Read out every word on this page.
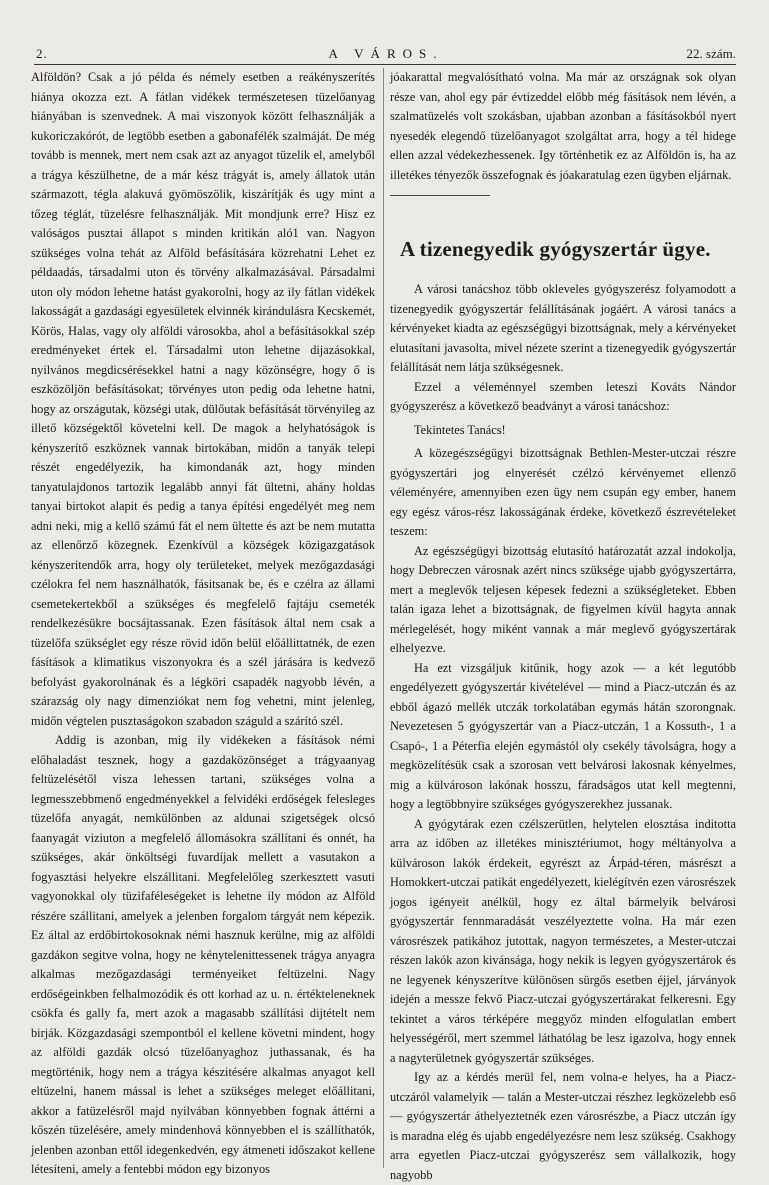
2.	A VÁROS.	22. szám.

Alföldön? Csak a jó példa és némely esetben a reákényszerítés hiánya okozza ezt. A fátlan vidékek természetesen tüzelőanyag hiányában is szenvednek. A mai viszonyok között felhasználják a kukoriczakórót, de legtöbb esetben a gabonafélék szalmáját. De még tovább is mennek, mert nem csak azt az anyagot tüzelik el, amelyből a trágya készülhetne, de a már kész trágyát is, amely állatok után származott, tégla alakuvá gyömöszölik, kiszárítják és ugy mint a tőzeg téglát, tüzelésre felhasználják. Mit mondjunk erre? Hisz ez valóságos pusztai állapot s minden kritikán aló1 van. Nagyon szükséges volna tehát az Alföld befásítására közrehatni Lehet ez példaadás, társadalmi uton és törvény alkalmazásával. Pársadalmi uton oly módon lehetne hatást gyakorolni, hogy az ily fátlan vidékek lakosságát a gazdasági egyesületek elvinnék kirándulásra Kecskemét, Körös, Halas, vagy oly alföldi városokba, ahol a befásításokkal szép eredményeket értek el. Társadalmi uton lehetne dijazásokkal, nyilvános megdicsérésekkel hatni a nagy közönségre, hogy ő is eszközöljön befásításokat; törvényes uton pedig oda lehetne hatni, hogy az országutak, községi utak, dülőutak befásítását törvényileg az illető községektől követelni kell. De magok a helyhatóságok is kényszerítő eszköznek vannak birtokában, midőn a tanyák telepi részét engedélyezik, ha kimondanák azt, hogy minden tanyatulajdonos tartozik legalább annyi fát ültetni, ahány holdas tanyai birtokot alapit és pedig a tanya építési engedélyét meg nem adni neki, mig a kellő számú fát el nem ültette és azt be nem mutatta az ellenőrző közegnek. Ezenkívül a községek közigazgatások kényszeritendők arra, hogy oly területeket, melyek mezőgazdasági czélokra fel nem használhatók, fásitsanak be, és e czélra az állami csemetekertekből a szükséges és megfelelő fajtáju csemeték rendelkezésükre bocsájtassanak. Ezen fásítások által nem csak a tüzelőfa szükséglet egy része rövid időn belül előállittatnék, de ezen fásítások a klimatikus viszonyokra és a szél járására is kedvező befolyást gyakorolnának és a légköri csapadék nagyobb lévén, a szárazság oly nagy dimenziókat nem fog vehetni, mint jelenleg, midőn végtelen pusztaságokon szabadon száguld a szárító szél.

Addig is azonban, mig ily vidékeken a fásítások némi előhaladást tesznek, hogy a gazdaközönséget a trágyaanyag feltüzelésétől visza lehessen tartani, szükséges volna a legmesszebbmenő engedményekkel a felvidéki erdőségek felesleges tüzelőfa anyagát, nemkülönben az aldunai szigetségek olcsó faanyagát viziuton a megfelelő állomásokra szállítani és onnét, ha szükséges, akár önköltségi fuvardíjak mellett a vasutakon a fogyasztási helyekre elszállitani. Megfelelőleg szerkesztett vasuti vagyonokkal oly tüzifaféleségeket is lehetne ily módon az Alföld részére szállitani, amelyek a jelenben forgalom tárgyát nem képezik. Ez által az erdőbirtokosoknak némi hasznuk kerülne, mig az alföldi gazdákon segitve volna, hogy ne kénytelenittessenek trágya anyagra alkalmas mezőgazdasági terményeiket feltüzelni. Nagy erdőségeinkben felhalmozódik és ott korhad az u. n. értékteleneknek csökfa és gally fa, mert azok a magasabb szállítási dijtételt nem birják. Közgazdasági szempontból el kellene követni mindent, hogy az alföldi gazdák olcsó tüzelőanyaghoz juthassanak, és ha megtörténik, hogy nem a trágya készitésére alkalmas anyagot kell eltüzelni, hanem mással is lehet a szükséges meleget előállitani, akkor a fatüzelésről majd nyilvában könnyebben fognak áttérni a kőszén tüzelésére, amely mindenhová könnyebben el is szállíthatók, jelenben azonban ettől idegenkedvén, egy átmeneti időszakot kellene létesíteni, amely a fentebbi módon egy bizonyos

jóakarattal megvalósítható volna. Ma már az országnak sok olyan része van, ahol egy pár évtizeddel előbb még fásítások nem lévén, a szalmatüzelés volt szokásban, ujabban azonban a fásításokból nyert nyesedék elegendő tüzelőanyagot szolgáltat arra, hogy a tél hidege ellen azzal védekezhessenek. Igy történhetik ez az Alföldön is, ha az illetékes tényezők összefognak és jóakaratulag ezen ügyben eljárnak.

A tizenegyedik gyógyszertár ügye.

A városi tanácshoz több okleveles gyógyszerész folyamodott a tizenegyedik gyógyszertár felállításának jogáért. A városi tanács a kérvényeket kiadta az egészségügyi bizottságnak, mely a kérvényeket elutasítani javasolta, mivel nézete szerint a tizenegyedik gyógyszertár felállítását nem látja szükségesnek.

Ezzel a véleménnyel szemben leteszi Kováts Nándor gyógyszerész a következő beadványt a városi tanácshoz:

Tekintetes Tanács!

A közegészségügyi bizottságnak Bethlen-Mester-utczai részre gyógyszertári jog elnyerését czélzó kérvényemet ellenző véleményére, amennyiben ezen ügy nem csupán egy ember, hanem egy egész város-rész lakosságának érdeke, következő észrevételeket teszem:

Az egészségügyi bizottság elutasító határozatát azzal indokolja, hogy Debreczen városnak azért nincs szüksége ujabb gyógyszertárra, mert a meglevők teljesen képesek fedezni a szükségleteket. Ebben talán igaza lehet a bizottságnak, de figyelmen kívül hagyta annak mérlegelését, hogy miként vannak a már meglevő gyógyszertárak elhelyezve.

Ha ezt vizsgáljuk kitűnik, hogy azok — a két legutóbb engedélyezett gyógyszertár kivételével — mind a Piacz-utczán és az ebből ágazó mellék utczák torkolatában egymás hátán szorongnak. Nevezetesen 5 gyógyszertár van a Piacz-utczán, 1 a Kossuth-, 1 a Csapó-, 1 a Péterfia elején egymástól oly csekély távolságra, hogy a megközelítésük csak a szorosan vett belvárosi lakosnak kényelmes, mig a külvároson lakónak hosszu, fáradságos utat kell megtenni, hogy a legtöbbnyire szükséges gyógyszerekhez jussanak.

A gyógytárak ezen czélszerütlen, helytelen elosztása inditotta arra az időben az illetékes minisztériumot, hogy méltányolva a külvároson lakók érdekeit, egyrészt az Árpád-téren, másrészt a Homokkert-utczai patikát engedélyezett, kielégítvén ezen városrészek jogos igényeit anélkül, hogy ez által bármelyik belvárosi gyógyszertár fennmaradását veszélyeztette volna. Ha már ezen városrészek patikához jutottak, nagyon természetes, a Mester-utczai részen lakók azon kivánsága, hogy nekik is legyen gyógyszertárok és ne legyenek kényszerítve különösen sürgős esetben éjjel, járványok idején a messze fekvő Piacz-utczai gyógyszertárakat felkeresni. Egy tekintet a város térképére meggyőz minden elfogulatlan embert helyességéről, mert szemmel láthatólag be lesz igazolva, hogy ennek a nagyterületnek gyógyszertár szükséges.

Igy az a kérdés merül fel, nem volna-e helyes, ha a Piacz-utczáról valamelyik — talán a Mester-utczai részhez legközelebb eső — gyógyszertár áthelyeztetnék ezen városrészbe, a Piacz utczán így is maradna elég és ujabb engedélyezésre nem lesz szükség. Csakhogy arra egyetlen Piacz-utczai gyógyszerész sem vállalkozik, hogy nagyobb
